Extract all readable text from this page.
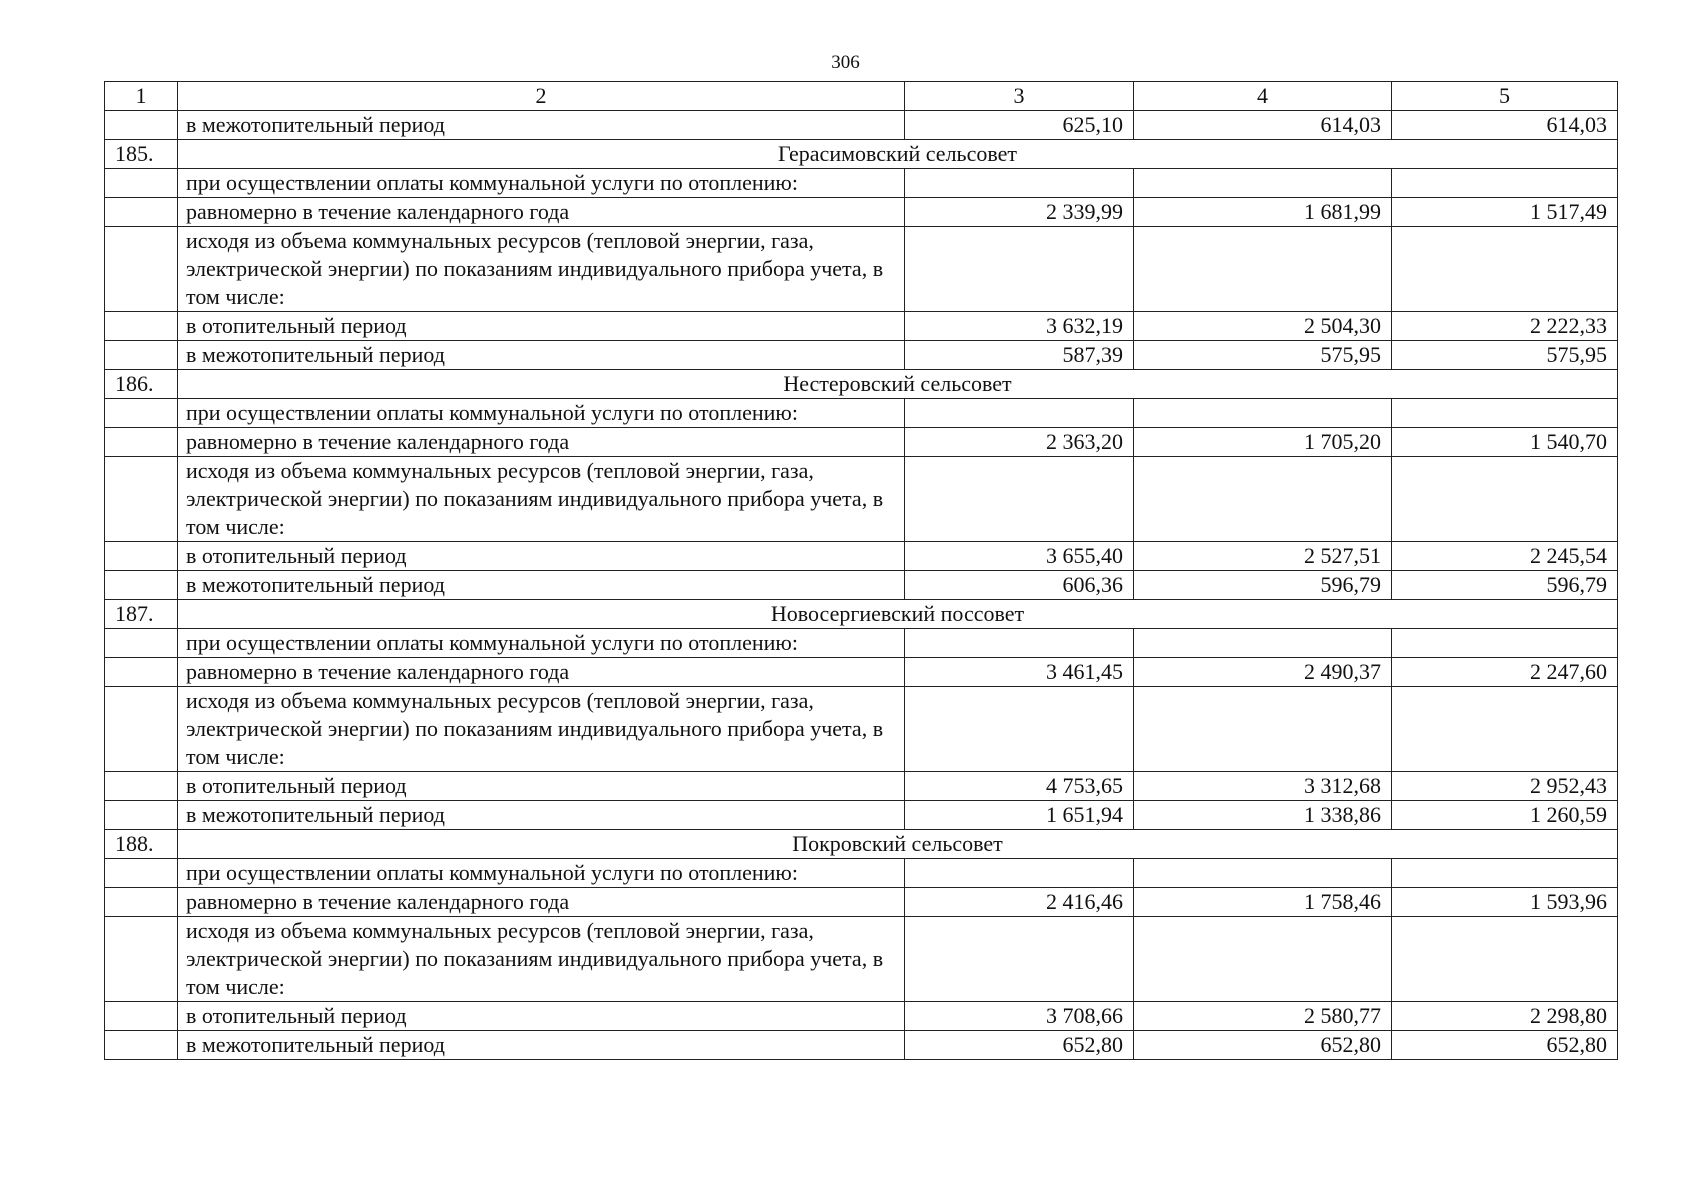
306
1	2	3	4	5
	в межотопительный период	625,10	614,03	614,03
185.	Герасимовский сельсовет			
	при осуществлении оплаты коммунальной услуги по отоплению:			
	равномерно в течение календарного года	2 339,99	1 681,99	1 517,49
	исходя из объема коммунальных ресурсов (тепловой энергии, газа, электрической энергии) по показаниям индивидуального прибора учета, в том числе:			
	в отопительный период	3 632,19	2 504,30	2 222,33
	в межотопительный период	587,39	575,95	575,95
186.	Нестеровский сельсовет			
	при осуществлении оплаты коммунальной услуги по отоплению:			
	равномерно в течение календарного года	2 363,20	1 705,20	1 540,70
	исходя из объема коммунальных ресурсов (тепловой энергии, газа, электрической энергии) по показаниям индивидуального прибора учета, в том числе:			
	в отопительный период	3 655,40	2 527,51	2 245,54
	в межотопительный период	606,36	596,79	596,79
187.	Новосергиевский поссовет			
	при осуществлении оплаты коммунальной услуги по отоплению:			
	равномерно в течение календарного года	3 461,45	2 490,37	2 247,60
	исходя из объема коммунальных ресурсов (тепловой энергии, газа, электрической энергии) по показаниям индивидуального прибора учета, в том числе:			
	в отопительный период	4 753,65	3 312,68	2 952,43
	в межотопительный период	1 651,94	1 338,86	1 260,59
188.	Покровский сельсовет			
	при осуществлении оплаты коммунальной услуги по отоплению:			
	равномерно в течение календарного года	2 416,46	1 758,46	1 593,96
	исходя из объема коммунальных ресурсов (тепловой энергии, газа, электрической энергии) по показаниям индивидуального прибора учета, в том числе:			
	в отопительный период	3 708,66	2 580,77	2 298,80
	в межотопительный период	652,80	652,80	652,80
